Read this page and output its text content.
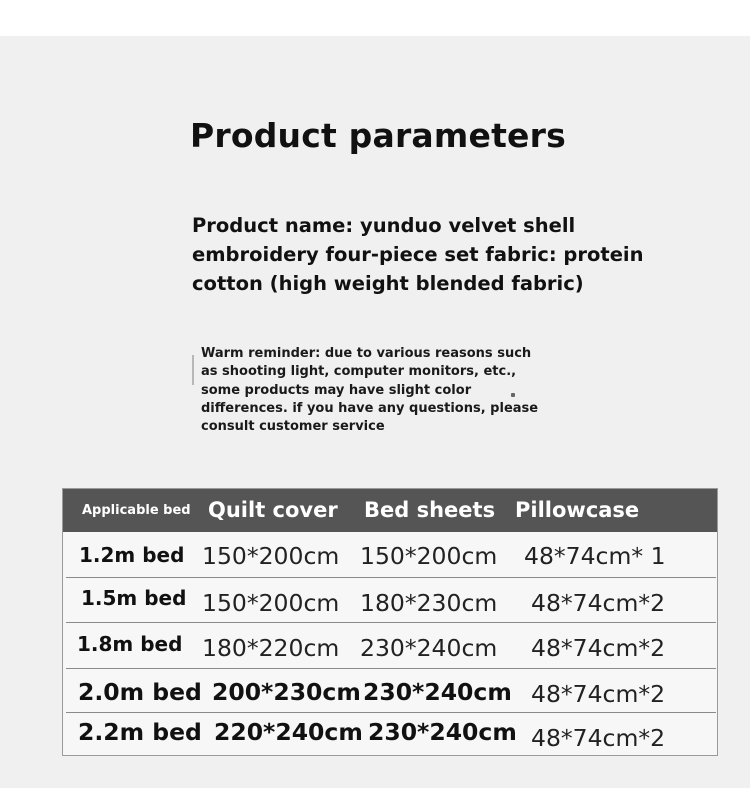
Product parameters
Product name: yunduo velvet shell
embroidery four-piece set fabric: protein
cotton (high weight blended fabric)
Warm reminder: due to various reasons such
as shooting light, computer monitors, etc.,
some products may have slight color
differences. if you have any questions, please
consult customer service
Applicable bed Quilt cover Bed sheets Pillowcase
1.2m bed 150*200cm 150*200cm 48*74cm* 1
1.5m bed 150*200cm 180*230cm 48*74cm*2
1.8m bed 180*220cm 230*240cm 48*74cm*2
2.0m bed 200*230cm 230*240cm 48*74cm*2
2.2m bed 220*240cm 230*240cm 48*74cm*2
